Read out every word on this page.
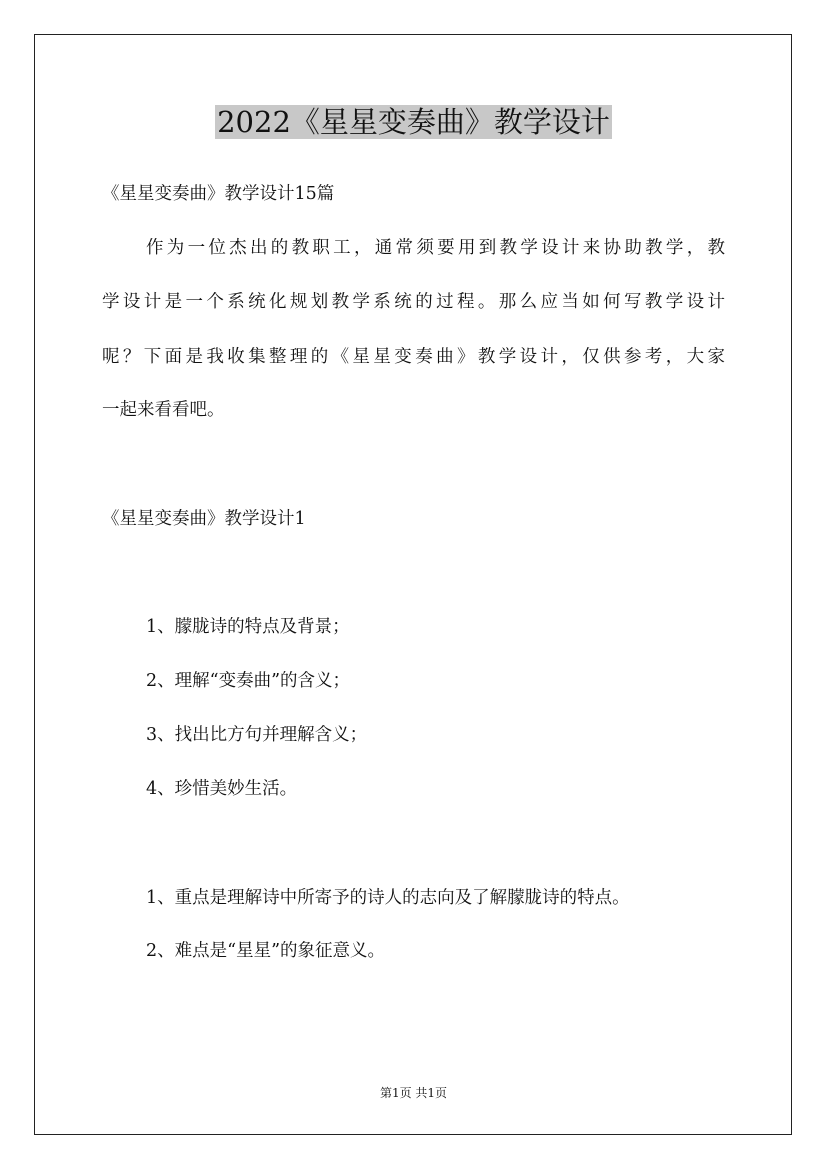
2022《星星变奏曲》教学设计

《星星变奏曲》教学设计15篇

作为一位杰出的教职工，通常须要用到教学设计来协助教学，教

学设计是一个系统化规划教学系统的过程。那么应当如何写教学设计

呢？下面是我收集整理的《星星变奏曲》教学设计，仅供参考，大家

一起来看看吧。

《星星变奏曲》教学设计1

1、朦胧诗的特点及背景；

2、理解“变奏曲”的含义；

3、找出比方句并理解含义；

4、珍惜美妙生活。

1、重点是理解诗中所寄予的诗人的志向及了解朦胧诗的特点。

2、难点是“星星”的象征意义。

第1页 共1页
